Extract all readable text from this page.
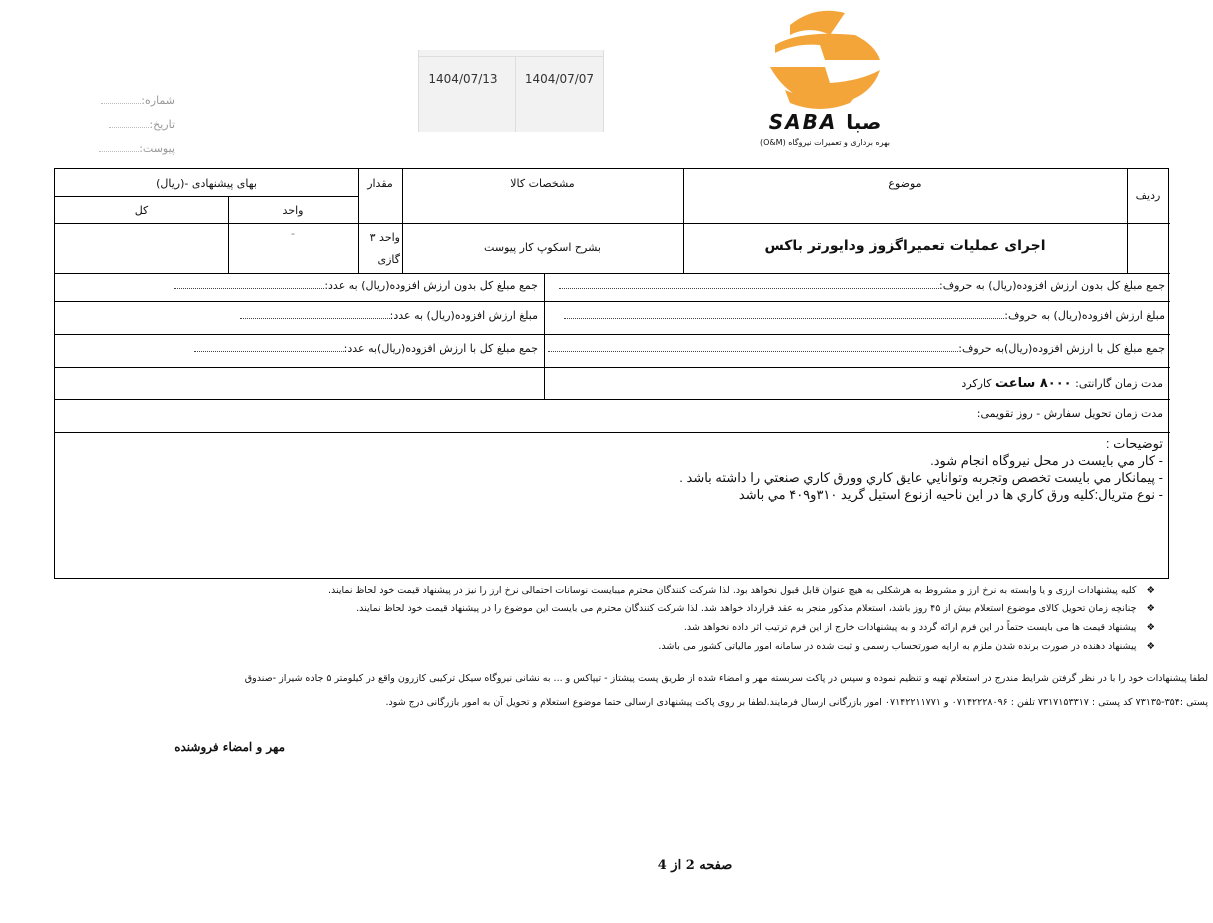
SABA صبا
بهره برداری و تعمیرات نیروگاه (O&M)
1404/07/07
1404/07/13
شماره:
تاریخ:
پیوست:
ردیف
موضوع
مشخصات کالا
مقدار
بهای پیشنهادی -(ریال)
واحد
کل
اجرای عملیات تعمیراگزوز ودایورتر باکس
بشرح اسکوپ کار پیوست
واحد ۳ گازی
-
جمع مبلغ کل بدون ارزش افزوده(ریال) به حروف:
جمع مبلغ کل بدون ارزش افزوده(ریال) به عدد:
مبلغ ارزش افزوده(ریال) به حروف:
مبلغ ارزش افزوده(ریال) به عدد:
جمع مبلغ کل با ارزش افزوده(ریال)به حروف:
جمع مبلغ کل با ارزش افزوده(ریال)به عدد:
مدت زمان گارانتی: ۸۰۰۰ ساعت کارکرد
مدت زمان تحویل سفارش - روز تقویمی:
توضیحات :
- کار مي بايست در محل نيروگاه انجام شود.
- پيمانکار مي بايست تخصص وتجربه وتوانايي عايق کاري وورق کاري صنعتي را داشته باشد .
- نوع متريال:کليه ورق کاري ها در اين ناحيه ازنوع استيل گريد ۳۱۰و۴۰۹ مي باشد
❖کلیه پیشنهادات ارزی و یا وابسته به نرخ ارز و مشروط به هرشکلی به هیچ عنوان قابل قبول نخواهد بود. لذا شرکت کنندگان محترم میبایست نوسانات احتمالی نرخ ارز را نیز در پیشنهاد قیمت خود لحاظ نمایند.
❖چنانچه زمان تحویل کالای موضوع استعلام بیش از ۴۵ روز باشد، استعلام مذکور منجر به عقد قرارداد خواهد شد. لذا شرکت کنندگان محترم می بایست این موضوع را در پیشنهاد قیمت خود لحاظ نمایند.
❖پیشنهاد قیمت ها می بایست حتماً در این فرم ارائه گردد و به پیشنهادات خارج از این فرم ترتیب اثر داده نخواهد شد.
❖پیشنهاد دهنده در صورت برنده شدن ملزم به ارایه صورتحساب رسمی و ثبت شده در سامانه امور مالیاتی کشور می باشد.
لطفا پیشنهادات خود را با در نظر گرفتن شرایط مندرج در استعلام تهیه و تنظیم نموده و سپس در پاکت سربسته مهر و امضاء شده از طریق پست پیشتاز - تیپاکس و ... به نشانی نیروگاه سیکل ترکیبی کازرون واقع در کیلومتر ۵ جاده شیراز -صندوق
پستی :۳۵۴-۷۳۱۳۵ کد پستی : ۷۳۱۷۱۵۳۳۱۷ تلفن : ۰۷۱۴۲۲۲۸۰۹۶ و ۰۷۱۴۲۲۱۱۷۷۱ امور بازرگانی ارسال فرمایند.لطفا بر روی پاکت پیشنهادی ارسالی حتما موضوع استعلام و تحویل آن به امور بازرگانی درج شود.
مهر و امضاء فروشنده
صفحه 2 از 4
